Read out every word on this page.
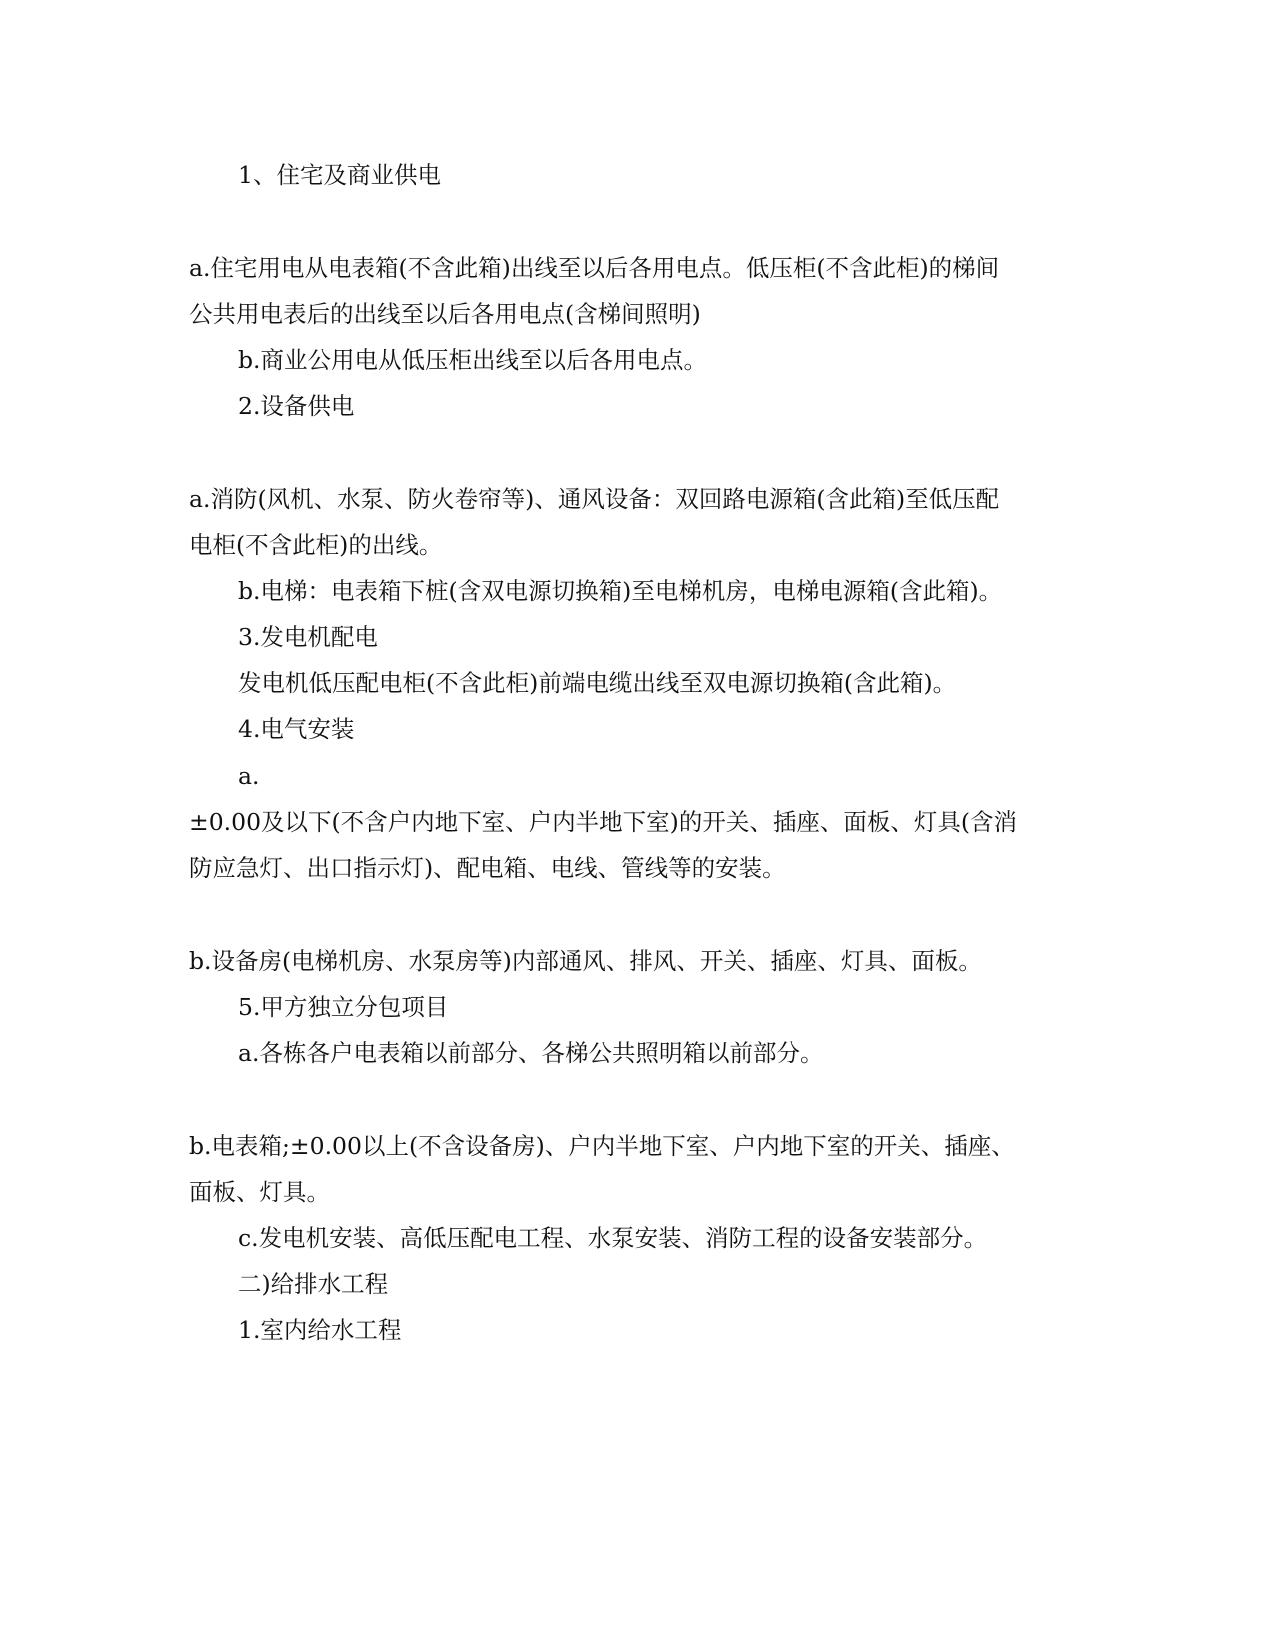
1、住宅及商业供电
a.住宅用电从电表箱(不含此箱)出线至以后各用电点。低压柜(不含此柜)的梯间
公共用电表后的出线至以后各用电点(含梯间照明)
b.商业公用电从低压柜出线至以后各用电点。
2.设备供电
a.消防(风机、水泵、防火卷帘等)、通风设备：双回路电源箱(含此箱)至低压配
电柜(不含此柜)的出线。
b.电梯：电表箱下桩(含双电源切换箱)至电梯机房，电梯电源箱(含此箱)。
3.发电机配电
发电机低压配电柜(不含此柜)前端电缆出线至双电源切换箱(含此箱)。
4.电气安装
a.
±0.00及以下(不含户内地下室、户内半地下室)的开关、插座、面板、灯具(含消
防应急灯、出口指示灯)、配电箱、电线、管线等的安装。
b.设备房(电梯机房、水泵房等)内部通风、排风、开关、插座、灯具、面板。
5.甲方独立分包项目
a.各栋各户电表箱以前部分、各梯公共照明箱以前部分。
b.电表箱;±0.00以上(不含设备房)、户内半地下室、户内地下室的开关、插座、
面板、灯具。
c.发电机安装、高低压配电工程、水泵安装、消防工程的设备安装部分。
二)给排水工程
1.室内给水工程
